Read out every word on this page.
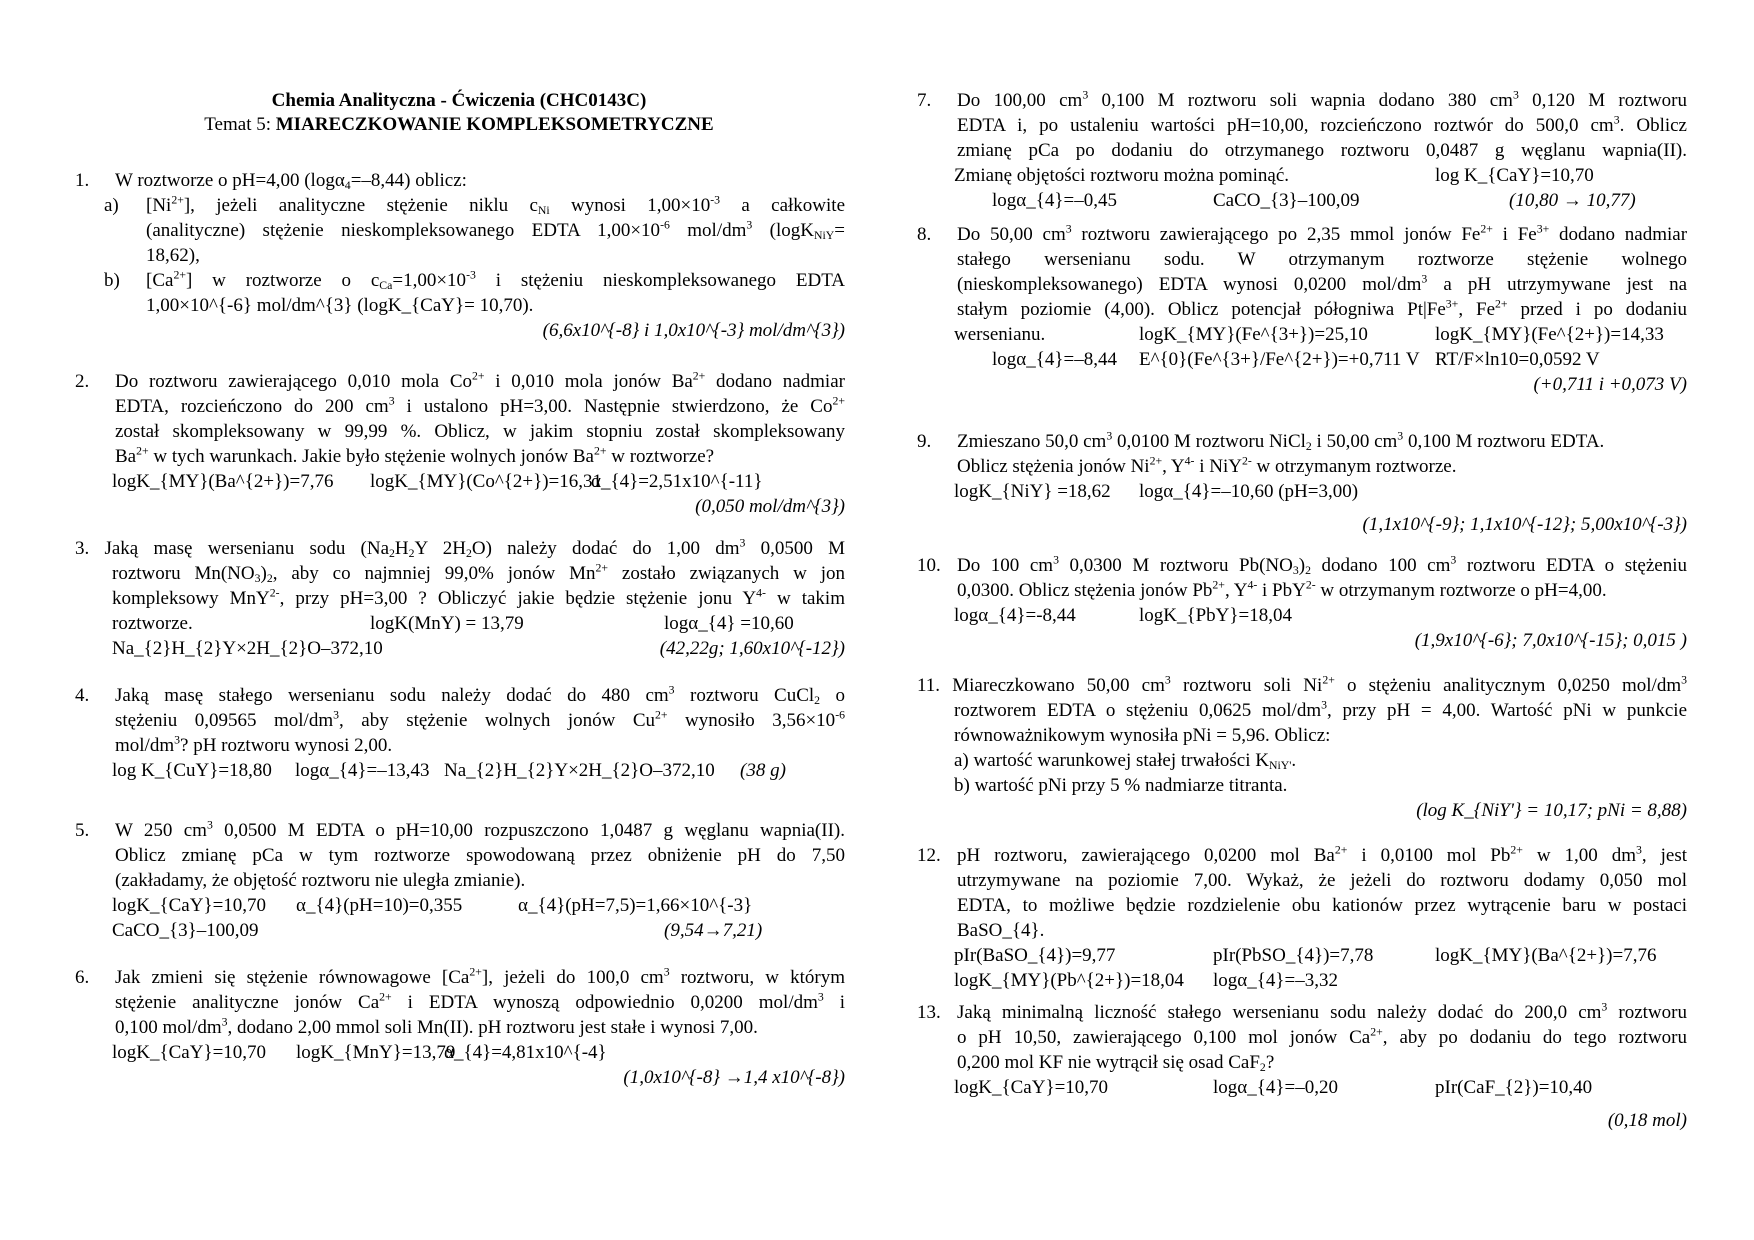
Chemia Analityczna - Ćwiczenia (CHC0143C)
Temat 5: MIARECZKOWANIE KOMPLEKSOMETRYCZNE
1. W roztworze o pH=4,00 (logα$_4$=–8,44) oblicz:
a) $[Ni^{2+}]$, jeżeli analityczne stężenie niklu $c_{Ni}$ wynosi $1,00\times 10^{-3}$ a całkowite
(analityczne) stężenie nieskompleksowanego EDTA $1,00\times 10^{-6}$ mol/$dm^3$ (logK$_{NiY}$=
18,62),
b) $[Ca^{2+}]$ w roztworze o $c_{Ca}=1,00\times 10^{-3}$ i stężeniu nieskompleksowanego EDTA
1,00×10^{-6} mol/dm^{3} (logK_{CaY}= 10,70).
(6,6x10^{-8} i 1,0x10^{-3} mol/dm^{3})
2. Do roztworu zawierającego 0,010 mola $Co^{2+}$ i 0,010 mola jonów $Ba^{2+}$ dodano nadmiar
EDTA, rozcieńczono do 200 $cm^3$ i ustalono pH=3,00. Następnie stwierdzono, że $Co^{2+}$
został skompleksowany w 99,99 %. Oblicz, w jakim stopniu został skompleksowany
$Ba^{2+}$ w tych warunkach. Jakie było stężenie wolnych jonów $Ba^{2+}$ w roztworze?
logK_{MY}(Ba^{2+})=7,76 logK_{MY}(Co^{2+})=16,31
α_{4}=2,51x10^{-11}
(0,050 mol/dm^{3})
3. Jaką masę wersenianu sodu ($Na_2H_2Y$ $2H_2O$) należy dodać do 1,00 $dm^3$ 0,0500 M
roztworu $Mn(NO_3)_2$, aby co najmniej 99,0% jonów $Mn^{2+}$ zostało związanych w jon
kompleksowy MnY$^{2-}$, przy pH=3,00 ? Obliczyć jakie będzie stężenie jonu $Y^{4-}$ w takim
roztworze.	logK(MnY) = 13,79	logα_{4} =10,60
Na_{2}H_{2}Y×2H_{2}O–372,10	(42,22g; 1,60x10^{-12})
4. Jaką masę stałego wersenianu sodu należy dodać do 480 $cm^3$ roztworu CuCl$_2$ o
stężeniu 0,09565 mol/$dm^3$, aby stężenie wolnych jonów $Cu^{2+}$ wynosiło $3,56\times 10^{-6}$
mol/$dm^3$? pH roztworu wynosi 2,00.
log K_{CuY}=18,80 logα_{4}=–13,43 Na_{2}H_{2}Y×2H_{2}O–372,10 (38 g)
5. W 250 $cm^3$ 0,0500 M EDTA o pH=10,00 rozpuszczono 1,0487 g węglanu wapnia(II).
Oblicz zmianę pCa w tym roztworze spowodowaną przez obniżenie pH do 7,50
(zakładamy, że objętość roztworu nie uległa zmianie).
logK_{CaY}=10,70 α_{4}(pH=10)=0,355	α_{4}(pH=7,5)=1,66×10^{-3}
CaCO_{3}–100,09	(9,54→7,21)
6. Jak zmieni się stężenie równowagowe $[Ca^{2+}]$, jeżeli do 100,0 $cm^3$ roztworu, w którym
stężenie analityczne jonów $Ca^{2+}$ i EDTA wynoszą odpowiednio 0,0200 mol/$dm^3$ i
0,100 mol/$dm^3$, dodano 2,00 mmol soli Mn(II). pH roztworu jest stałe i wynosi 7,00.
logK_{CaY}=10,70 logK_{MnY}=13,79
α_{4}=4,81x10^{-4}
(1,0x10^{-8} →1,4 x10^{-8})
7. Do 100,00 $cm^3$ 0,100 M roztworu soli wapnia dodano 380 $cm^3$ 0,120 M roztworu
EDTA i, po ustaleniu wartości pH=10,00, rozcieńczono roztwór do 500,0 $cm^3$. Oblicz
zmianę pCa po dodaniu do otrzymanego roztworu 0,0487 g węglanu wapnia(II).
Zmianę objętości roztworu można pominąć.	log K_{CaY}=10,70
logα_{4}=–0,45	CaCO_{3}–100,09	(10,80 → 10,77)
8. Do 50,00 $cm^3$ roztworu zawierającego po 2,35 mmol jonów $Fe^{2+}$ i $Fe^{3+}$ dodano nadmiar
stałego wersenianu sodu. W otrzymanym roztworze stężenie wolnego
(nieskompleksowanego) EDTA wynosi 0,0200 mol/$dm^3$ a pH utrzymywane jest na
stałym poziomie (4,00). Oblicz potencjał półogniwa $Pt|Fe^{3+}$, $Fe^{2+}$ przed i po dodaniu
wersenianu.	logK_{MY}(Fe^{3+})=25,10	logK_{MY}(Fe^{2+})=14,33
logα_{4}=–8,44 E^{0}(Fe^{3+}/Fe^{2+})=+0,711 V RT/F×ln10=0,0592 V
(+0,711 i +0,073 V)
9. Zmieszano 50,0 $cm^3$ 0,0100 M roztworu NiCl$_2$ i 50,00 $cm^3$ 0,100 M roztworu EDTA.
Oblicz stężenia jonów $Ni^{2+}$, $Y^{4-}$ i NiY$^{2-}$ w otrzymanym roztworze.
logK_{NiY} =18,62 logα_{4}=–10,60 (pH=3,00)
(1,1x10^{-9}; 1,1x10^{-12}; 5,00x10^{-3})
10. Do 100 $cm^3$ 0,0300 M roztworu $Pb(NO_3)_2$ dodano 100 $cm^3$ roztworu EDTA o stężeniu
0,0300. Oblicz stężenia jonów $Pb^{2+}$, $Y^{4-}$ i PbY$^{2-}$ w otrzymanym roztworze o pH=4,00.
logα_{4}=-8,44	logK_{PbY}=18,04
(1,9x10^{-6}; 7,0x10^{-15}; 0,015 )
11. Miareczkowano 50,00 $cm^3$ roztworu soli $Ni^{2+}$ o stężeniu analitycznym 0,0250 mol/$dm^3$
roztworem EDTA o stężeniu 0,0625 mol/$dm^3$, przy pH = 4,00. Wartość pNi w punkcie
równoważnikowym wynosiła pNi = 5,96. Oblicz:
a) wartość warunkowej stałej trwałości $K_{NiY'}$.
b) wartość pNi przy 5 % nadmiarze titranta.
(log K_{NiY'} = 10,17; pNi = 8,88)
12. pH roztworu, zawierającego 0,0200 mol $Ba^{2+}$ i 0,0100 mol $Pb^{2+}$ w 1,00 $dm^3$, jest
utrzymywane na poziomie 7,00. Wykaż, że jeżeli do roztworu dodamy 0,050 mol
EDTA, to możliwe będzie rozdzielenie obu kationów przez wytrącenie baru w postaci
BaSO_{4}.
pIr(BaSO_{4})=9,77	pIr(PbSO_{4})=7,78	logK_{MY}(Ba^{2+})=7,76
logK_{MY}(Pb^{2+})=18,04 logα_{4}=–3,32
13. Jaką minimalną liczność stałego wersenianu sodu należy dodać do 200,0 $cm^3$ roztworu
o pH 10,50, zawierającego 0,100 mol jonów $Ca^{2+}$, aby po dodaniu do tego roztworu
0,200 mol KF nie wytrącił się osad CaF$_2$?
logK_{CaY}=10,70	logα_{4}=–0,20	pIr(CaF_{2})=10,40
(0,18 mol)
